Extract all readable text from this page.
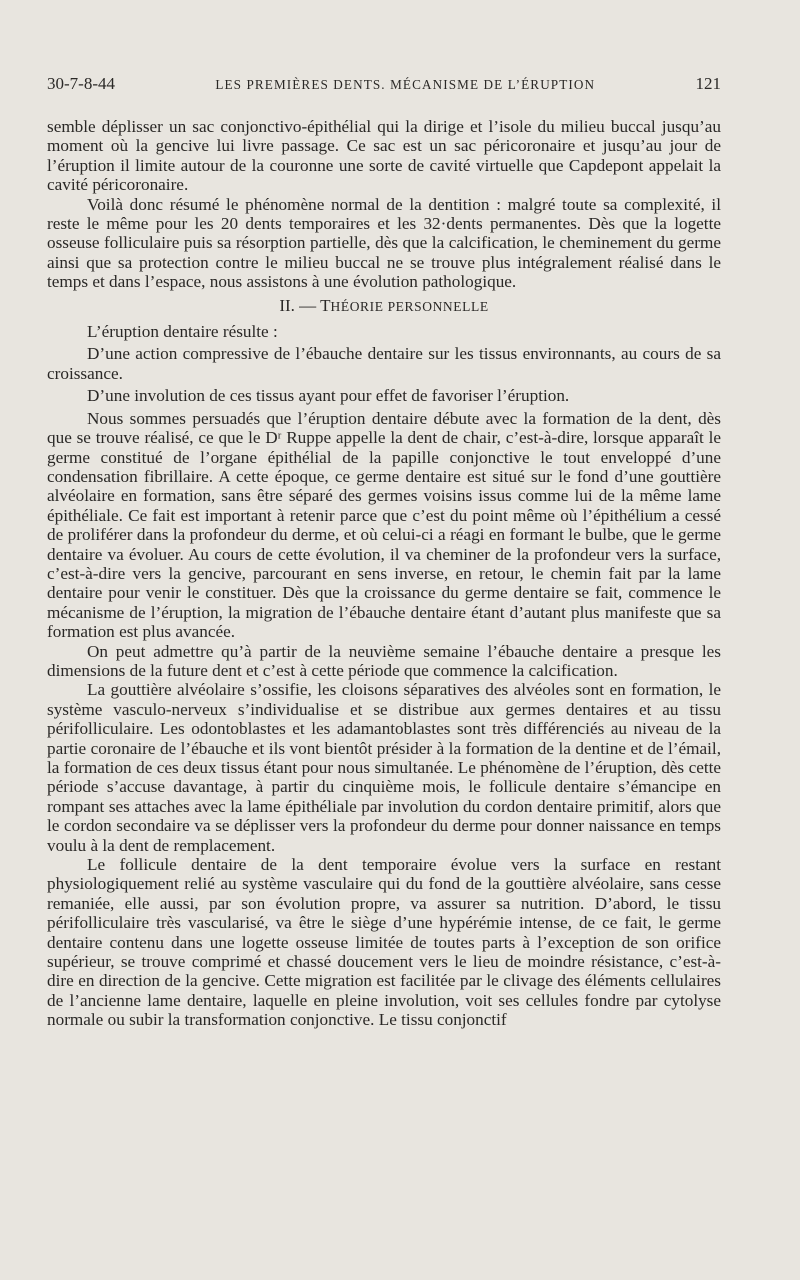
30-7-8-44	LES PREMIÈRES DENTS. MÉCANISME DE L’ÉRUPTION	121

semble déplisser un sac conjonctivo-épithélial qui la dirige et l’isole du milieu buccal jusqu’au moment où la gencive lui livre passage. Ce sac est un sac péricoronaire et jusqu’au jour de l’éruption il limite autour de la couronne une sorte de cavité virtuelle que Capdepont appelait la cavité péricoronaire.

Voilà donc résumé le phénomène normal de la dentition : malgré toute sa complexité, il reste le même pour les 20 dents temporaires et les 32·dents permanentes. Dès que la logette osseuse folliculaire puis sa résorption partielle, dès que la calcification, le cheminement du germe ainsi que sa protection contre le milieu buccal ne se trouve plus intégralement réalisé dans le temps et dans l’espace, nous assistons à une évolution pathologique.

II. — THÉORIE PERSONNELLE

L’éruption dentaire résulte :

D’une action compressive de l’ébauche dentaire sur les tissus environnants, au cours de sa croissance.

D’une involution de ces tissus ayant pour effet de favoriser l’éruption.

Nous sommes persuadés que l’éruption dentaire débute avec la formation de la dent, dès que se trouve réalisé, ce que le Dʳ Ruppe appelle la dent de chair, c’est-à-dire, lorsque apparaît le germe constitué de l’organe épithélial de la papille conjonctive le tout enveloppé d’une condensation fibrillaire. A cette époque, ce germe dentaire est situé sur le fond d’une gouttière alvéolaire en formation, sans être séparé des germes voisins issus comme lui de la même lame épithéliale. Ce fait est important à retenir parce que c’est du point même où l’épithélium a cessé de proliférer dans la profondeur du derme, et où celui-ci a réagi en formant le bulbe, que le germe dentaire va évoluer. Au cours de cette évolution, il va cheminer de la profondeur vers la surface, c’est-à-dire vers la gencive, parcourant en sens inverse, en retour, le chemin fait par la lame dentaire pour venir le constituer. Dès que la croissance du germe dentaire se fait, commence le mécanisme de l’éruption, la migration de l’ébauche dentaire étant d’autant plus manifeste que sa formation est plus avancée.

On peut admettre qu’à partir de la neuvième semaine l’ébauche dentaire a presque les dimensions de la future dent et c’est à cette période que commence la calcification.

La gouttière alvéolaire s’ossifie, les cloisons séparatives des alvéoles sont en formation, le système vasculo-nerveux s’individualise et se distribue aux germes dentaires et au tissu périfolliculaire. Les odontoblastes et les adamantoblastes sont très différenciés au niveau de la partie coronaire de l’ébauche et ils vont bientôt présider à la formation de la dentine et de l’émail, la formation de ces deux tissus étant pour nous simultanée. Le phénomène de l’éruption, dès cette période s’accuse davantage, à partir du cinquième mois, le follicule dentaire s’émancipe en rompant ses attaches avec la lame épithéliale par involution du cordon dentaire primitif, alors que le cordon secondaire va se déplisser vers la profondeur du derme pour donner naissance en temps voulu à la dent de remplacement.

Le follicule dentaire de la dent temporaire évolue vers la surface en restant physiologiquement relié au système vasculaire qui du fond de la gouttière alvéolaire, sans cesse remaniée, elle aussi, par son évolution propre, va assurer sa nutrition. D’abord, le tissu périfolliculaire très vascularisé, va être le siège d’une hypérémie intense, de ce fait, le germe dentaire contenu dans une logette osseuse limitée de toutes parts à l’exception de son orifice supérieur, se trouve comprimé et chassé doucement vers le lieu de moindre résistance, c’est-à-dire en direction de la gencive. Cette migration est facilitée par le clivage des éléments cellulaires de l’ancienne lame dentaire, laquelle en pleine involution, voit ses cellules fondre par cytolyse normale ou subir la transformation conjonctive. Le tissu conjonctif
